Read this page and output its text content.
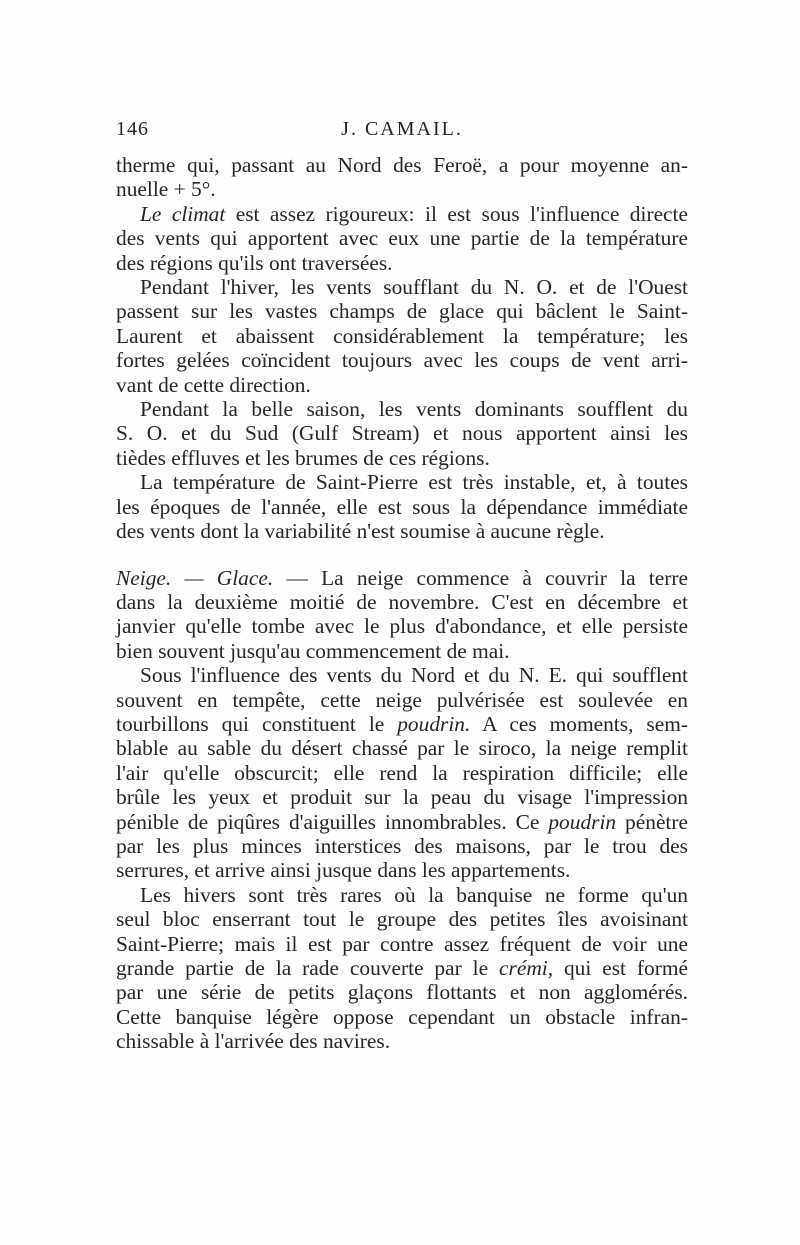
146	J. CAMAIL.
therme qui, passant au Nord des Feroë, a pour moyenne an-
nuelle + 5°.
Le climat est assez rigoureux: il est sous l'influence directe
des vents qui apportent avec eux une partie de la température
des régions qu'ils ont traversées.
Pendant l'hiver, les vents soufflant du N. O. et de l'Ouest
passent sur les vastes champs de glace qui bâclent le Saint-
Laurent et abaissent considérablement la température; les
fortes gelées coïncident toujours avec les coups de vent arri-
vant de cette direction.
Pendant la belle saison, les vents dominants soufflent du
S. O. et du Sud (Gulf Stream) et nous apportent ainsi les
tièdes effluves et les brumes de ces régions.
La température de Saint-Pierre est très instable, et, à toutes
les époques de l'année, elle est sous la dépendance immédiate
des vents dont la variabilité n'est soumise à aucune règle.
Neige. — Glace. — La neige commence à couvrir la terre
dans la deuxième moitié de novembre. C'est en décembre et
janvier qu'elle tombe avec le plus d'abondance, et elle persiste
bien souvent jusqu'au commencement de mai.
Sous l'influence des vents du Nord et du N. E. qui soufflent
souvent en tempête, cette neige pulvérisée est soulevée en
tourbillons qui constituent le poudrin. A ces moments, sem-
blable au sable du désert chassé par le siroco, la neige remplit
l'air qu'elle obscurcit; elle rend la respiration difficile; elle
brûle les yeux et produit sur la peau du visage l'impression
pénible de piqûres d'aiguilles innombrables. Ce poudrin pénètre
par les plus minces interstices des maisons, par le trou des
serrures, et arrive ainsi jusque dans les appartements.
Les hivers sont très rares où la banquise ne forme qu'un
seul bloc enserrant tout le groupe des petites îles avoisinant
Saint-Pierre; mais il est par contre assez fréquent de voir une
grande partie de la rade couverte par le crémi, qui est formé
par une série de petits glaçons flottants et non agglomérés.
Cette banquise légère oppose cependant un obstacle infran-
chissable à l'arrivée des navires.
